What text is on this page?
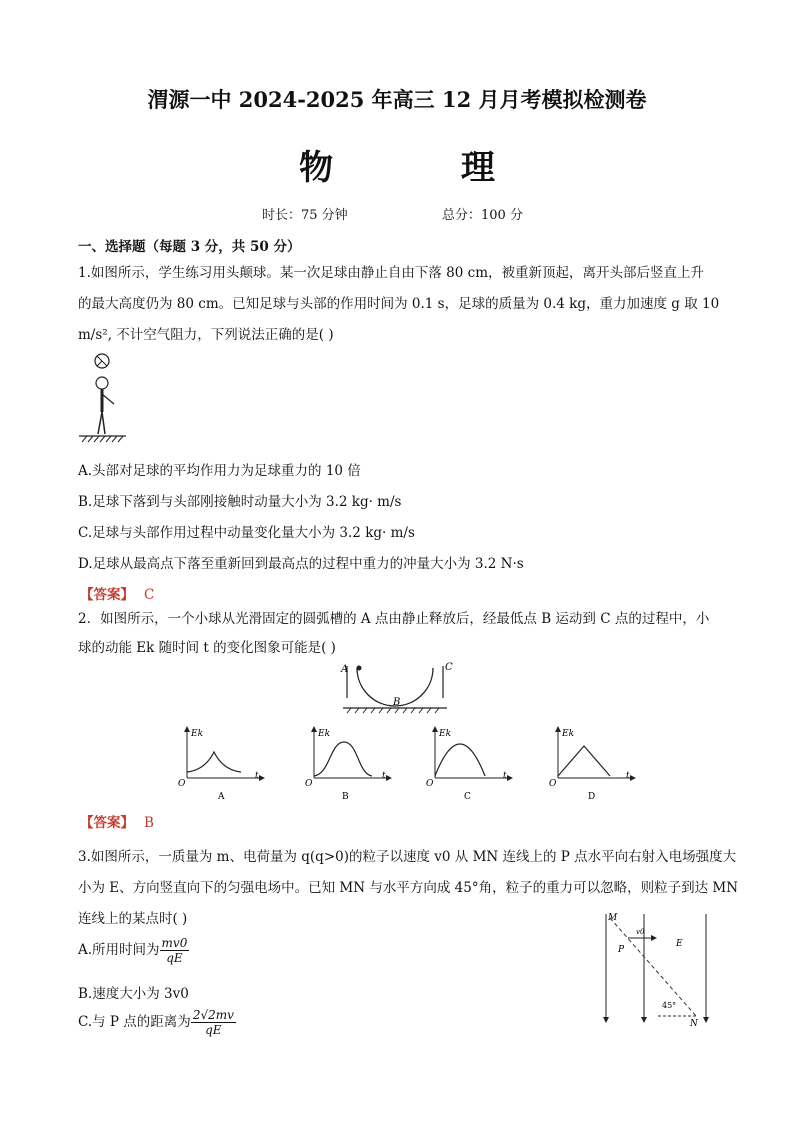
渭源一中 2024-2025 年高三 12 月月考模拟检测卷
物 理
时长：75 分钟	总分：100 分
一、选择题（每题 3 分，共 50 分）
1.如图所示，学生练习用头颠球。某一次足球由静止自由下落 80 cm，被重新顶起，离开头部后竖直上升
的最大高度仍为 80 cm。已知足球与头部的作用时间为 0.1 s，足球的质量为 0.4 kg，重力加速度 g 取 10
m/s², 不计空气阻力，下列说法正确的是( )
A.头部对足球的平均作用力为足球重力的 10 倍
B.足球下落到与头部刚接触时动量大小为 3.2 kg· m/s
C.足球与头部作用过程中动量变化量大小为 3.2 kg· m/s
D.足球从最高点下落至重新回到最高点的过程中重力的冲量大小为 3.2 N·s
【答案】 C
2．如图所示，一个小球从光滑固定的圆弧槽的 A 点由静止释放后，经最低点 B 运动到 C 点的过程中，小
球的动能 Ek 随时间 t 的变化图象可能是( )
A
B
C
Ek
t
O
A
Ek
t
O
B
Ek
t
O
C
Ek
t
O
D
【答案】 B
3.如图所示，一质量为 m、电荷量为 q(q>0)的粒子以速度 v0 从 MN 连线上的 P 点水平向右射入电场强度大
小为 E、方向竖直向下的匀强电场中。已知 MN 与水平方向成 45°角，粒子的重力可以忽略，则粒子到达 MN
连线上的某点时( )
A.所用时间为 $\frac{mv0}{qE}$
B.速度大小为 3v0
C.与 P 点的距离为 $\frac{2√2mv}{qE}$
M
N
P
E
v0
45°
